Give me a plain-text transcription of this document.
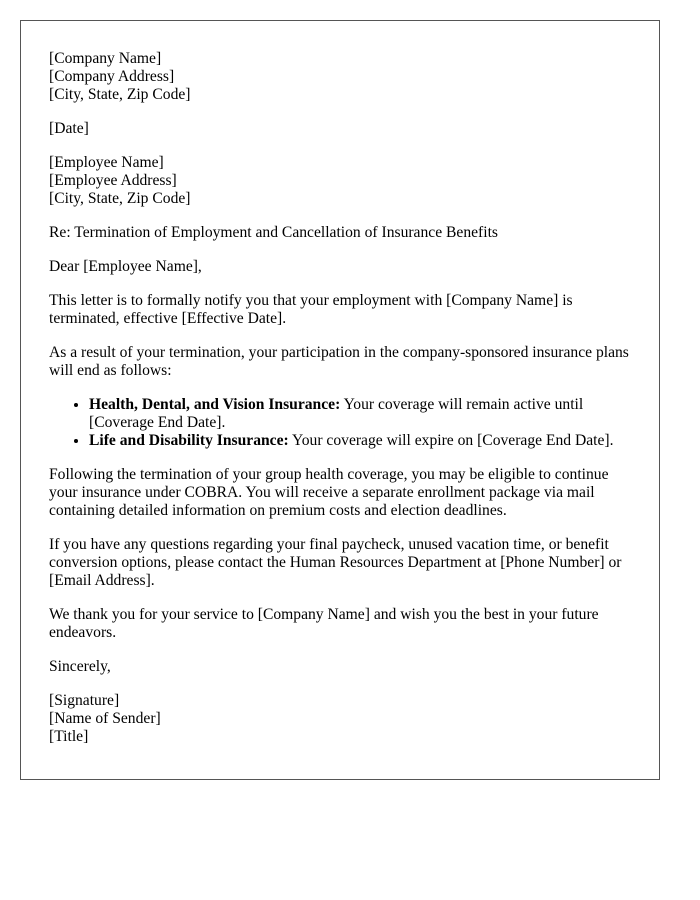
[Company Name]
[Company Address]
[City, State, Zip Code]
[Date]
[Employee Name]
[Employee Address]
[City, State, Zip Code]

Re: Termination of Employment and Cancellation of Insurance Benefits

Dear [Employee Name],

This letter is to formally notify you that your employment with [Company Name] is terminated, effective [Effective Date].

As a result of your termination, your participation in the company-sponsored insurance plans will end as follows:

• Health, Dental, and Vision Insurance: Your coverage will remain active until [Coverage End Date].
• Life and Disability Insurance: Your coverage will expire on [Coverage End Date].

Following the termination of your group health coverage, you may be eligible to continue your insurance under COBRA. You will receive a separate enrollment package via mail containing detailed information on premium costs and election deadlines.

If you have any questions regarding your final paycheck, unused vacation time, or benefit conversion options, please contact the Human Resources Department at [Phone Number] or [Email Address].

We thank you for your service to [Company Name] and wish you the best in your future endeavors.

Sincerely,

[Signature]
[Name of Sender]
[Title]
